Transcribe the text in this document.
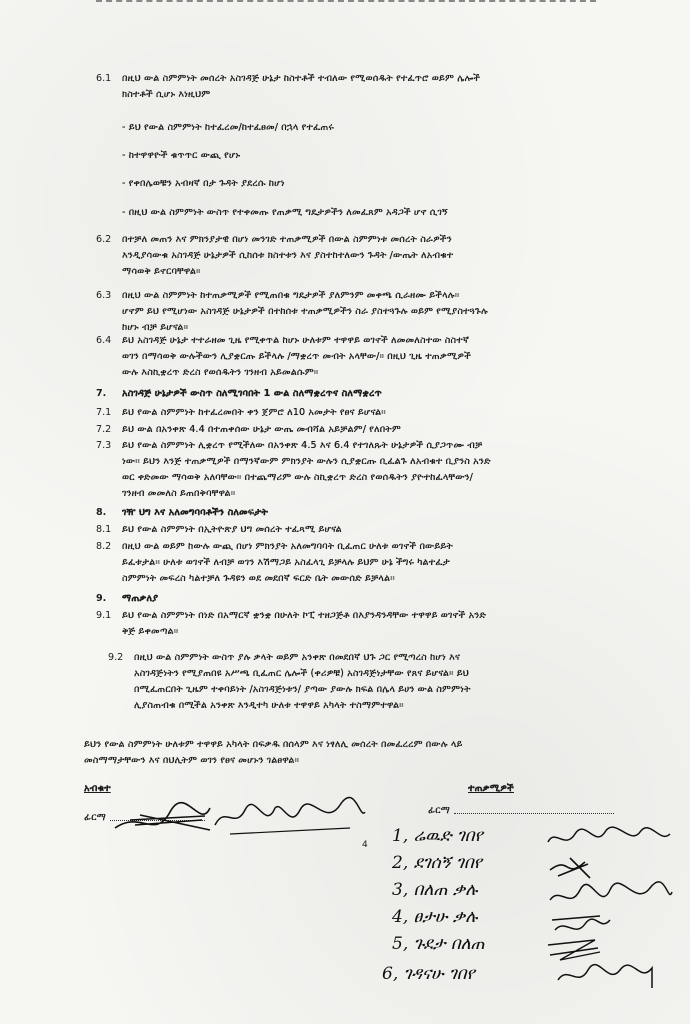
6.1 በዚህ ውል ስምምነት መሰረት አስገዳጅ ሁኔታ ከስተቶች ተብለው የሚወሰዱት የተፈጥሮ ወይም ሌሎች
ክስተቶች ሲሆኑ እነዚህም
- ይህ የውል ስምምነት ከተፈረመ/ከተፈፀመ/ በኋላ የተፈጠሩ
- ከተዋዋዮች ቁጥጥር ውጪ የሆኑ
- የቀበሌወቹን አብዛኛ በታ ጉዳት ያደረሱ ከሆነ
- በዚህ ውል ስምምነት ውስጥ የተቀመጡ የጠቃሚ ግዴታዎችን ለመፈጸም አዳጋች ሆኖ ሲገኝ
6.2 በተቻለ መጠን እና ምክንያታዊ በሆነ መንገድ ተጠቃሚዎች በውል ስምምነቱ መሰረት ስራዎችን
እንዲያሳውቁ አስገዳጅ ሁኔታዎች ሲከሰቱ ክስተቱን እና ያስተከተለውን ጉዳት /ውጤት ለአብቁተ
ማሳወቅ ይኖርባቸዋል።
6.3 በዚህ ውል ስምምነት ከተጠቃሚዎች የሚጠበቁ ግዴታዎች ያለምንም መቀጫ ሲራዘሙ ይችላሉ።
ሆኖም ይህ የሚሆነው አስገዳጅ ሁኔታዎች በተከሰቱ ተጠቃሚዎችን ስራ ያስተጓጉሉ ወይም የሚያስተጓጉሉ
ከሆኑ ብቻ ይሆናል።
6.4 ይህ አስገዳጅ ሁኔታ ተተራዘመ ጊዜ የሚቀጥል ከሆኑ ሁለቱም ተዋዋይ ወገኖች ለመመለስተው ስስተኛ
ወገን በማሳወቅ ውሉችውን ሊያቋርጡ ይችላሉ /ማቋረጥ መብት አላቸው/። በዚህ ጊዜ ተጠቃሚዎች
ውሉ እስኪቋረጥ ድረስ የወሰዱትን ገንዘብ አይመልሱም።
7. አስገዳጅ ሁኔታዎች ውስጥ ስለሚገባበት 1 ውል ስለማቋረጥና ስለማቋረጥ
7.1 ይህ የውል ስምምነት ከተፈረመበት ቀን ጀምሮ ለ10 አመታት የፀና ይሆናል።
7.2 ይህ ውል በአንቀጽ 4.4 በተጠቀሰው ሁኔታ ውጤ መብሻል አይቻልም/ የለበትም
7.3 ይህ የውል ስምምነት ሊቋረጥ የሚችለው በአንቀጽ 4.5 እና 6.4 የተገለጹት ሁኔታዎች ሲያጋጥሙ ብቻ
ነው። ይህን እንጅ ተጠቃሚዎች በማንኛውም ምክንያት ውሉን ሲያቋርጡ ቢፈልጉ ለአብቁተ ቢያንስ አንድ
ወር ቀድመው ማሳወቅ አለባቸው። በተጨማሪም ውሉ ስኪቋረጥ ድረስ የወሰዱትን ያዮተከፈላቸውን/
ገንዘብ መመለስ ይጠበቅባቸዋል።
8. ገዥ ህግ እና አለመግባባቶችን ስለመፍታት
8.1 ይህ የውል ስምምነት በኢትዮጵያ ህግ መሰረት ተፈጻሚ ይሆናል
8.2 በዚህ ውል ወይም ከውሉ ውጪ በሆነ ምክንያት አለመግባባት ቢፈጠር ሁለቱ ወገኖች በውይይት
ይፈቱታል። ሁለቱ ወገኖች ለብቻ ወገን እሽማጋይ አስፈላጊ ይቻላሉ ይህም ሁኔ ችግሩ ካልተፈታ
ስምምነት መፍረስ ካልተቻለ ጉዳዩን ወደ መደበኛ ፍርድ ቤት መውሰድ ይቻላል።
9. ማጠቃለያ
9.1 ይህ የውል ስምምነት በነድ በአማርኛ ቋንቋ በሁለት ኮፒ ተዘጋጅቶ በእያንዳንዳቸው ተዋዋይ ወገኖች አንድ
ቅጅ ይቀመጣል።
9.2 በዚህ ውል ስምምነት ውስጥ ያሉ ቃላት ወይም አንቀጽ በመደበኛ ህጉ ጋር የሚጣረስ ከሆነ እና
አስገዳጅነትን የሚያጠበዩ አሥጫ ቢፈጠር ሌሎች (ቀሪዎቹ) አስገዳጅነታቸው የጸና ይሆናል። ይህ
በሚፈጠርበት ጊዜም ተቀባይነት /አስገዳጅነቱን/ ያጣው ያውሉ ክፍል በሌላ ይሀን ውል ስምምነት
ሊያስጠብቁ በሚችል አንቀጽ እንዲተካ ሁለቱ ተዋዋይ አካላት ተስማምተዋል።
ይህን የውል ስምምነት ሁለቱም ተዋዋይ አካላት በፍቃዱ በሰላም እና ነፃለሊ መሰረት በመፈረረም በውሉ ላይ
መስማማታቸውን እና በህሊትም ወገን የፀና መሆኑን ገልፀዋል።
አብቁተ
ፊርማ
ተጠቃሚዎች
ፊርማ
4 1, ሬዉድ ገበየ
2, ደገሰኝ ገበየ
3, በለጠ ቃሉ
4, ፀታሁ ቃሉ
5, ጉደታ በለጠ
6, ገዳናሁ ገበየ
